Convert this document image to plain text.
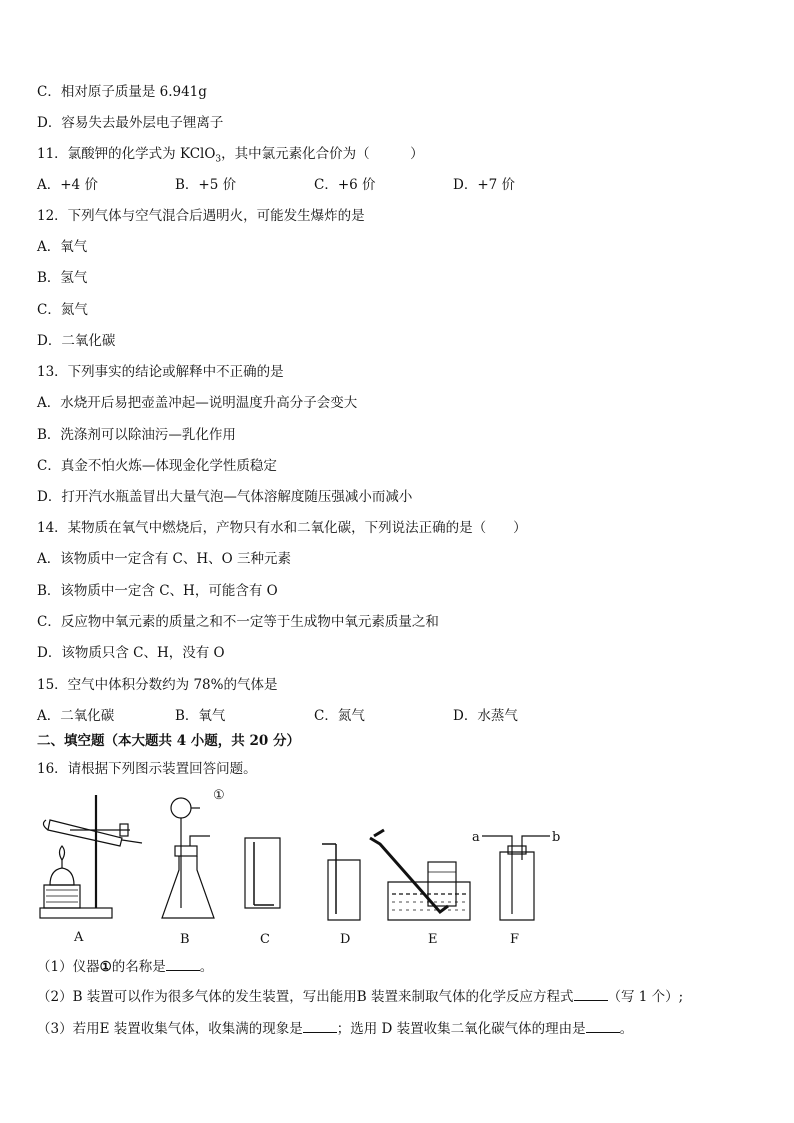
C．相对原子质量是 6.941g
D．容易失去最外层电子锂离子
11．氯酸钾的化学式为 KClO$_3$，其中氯元素化合价为（　　　）
A．+4 价	B．+5 价	C．+6 价	D．+7 价
12．下列气体与空气混合后遇明火，可能发生爆炸的是
A．氧气
B．氢气
C．氮气
D．二氧化碳
13．下列事实的结论或解释中不正确的是
A．水烧开后易把壶盖冲起—说明温度升高分子会变大
B．洗涤剂可以除油污—乳化作用
C．真金不怕火炼—体现金化学性质稳定
D．打开汽水瓶盖冒出大量气泡—气体溶解度随压强减小而减小
14．某物质在氧气中燃烧后，产物只有水和二氧化碳，下列说法正确的是（　　）
A．该物质中一定含有 C、H、O 三种元素
B．该物质中一定含 C、H，可能含有 O
C．反应物中氧元素的质量之和不一定等于生成物中氧元素质量之和
D．该物质只含 C、H，没有 O
15．空气中体积分数约为 78%的气体是
A．二氧化碳	B．氧气	C．氮气	D．水蒸气
二、填空题（本大题共 4 小题，共 20 分）
16．请根据下列图示装置回答问题。
①
a	b
A	B	C	D	E	F
（1）仪器①的名称是	。
（2）B 装置可以作为很多气体的发生装置，写出能用B 装置来制取气体的化学反应方程式	（写 1 个）;
（3）若用E 装置收集气体，收集满的现象是	；选用 D 装置收集二氧化碳气体的理由是	。
